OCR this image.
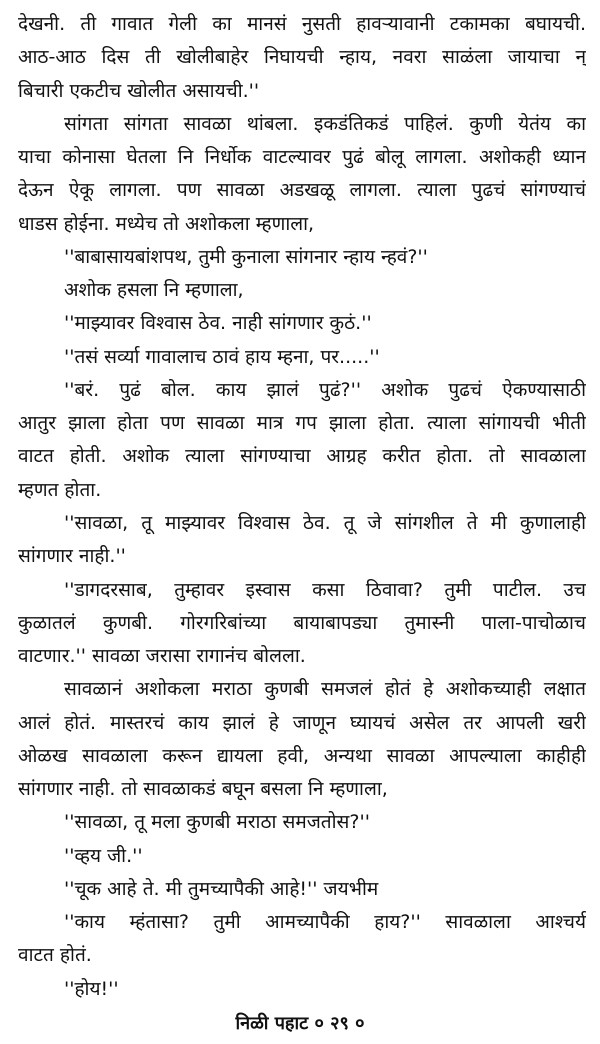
देखनी. ती गावात गेली का मानसं नुसती हावऱ्यावानी टकामका बघायची.
आठ-आठ दिस ती खोलीबाहेर निघायची न्हाय, नवरा साळंला जायाचा न्
बिचारी एकटीच खोलीत असायची.''
सांगता सांगता सावळा थांबला. इकडंतिकडं पाहिलं. कुणी येतंय का
याचा कोनासा घेतला नि निर्धोक वाटल्यावर पुढं बोलू लागला. अशोकही ध्यान
देऊन ऐकू लागला. पण सावळा अडखळू लागला. त्याला पुढचं सांगण्याचं
धाडस होईना. मध्येच तो अशोकला म्हणाला,
''बाबासायबांशपथ, तुमी कुनाला सांगनार न्हाय न्हवं?''
अशोक हसला नि म्हणाला,
''माझ्यावर विश्वास ठेव. नाही सांगणार कुठं.''
''तसं सर्व्या गावालाच ठावं हाय म्हना, पर.....''
''बरं. पुढं बोल. काय झालं पुढं?'' अशोक पुढचं ऐकण्यासाठी
आतुर झाला होता पण सावळा मात्र गप झाला होता. त्याला सांगायची भीती
वाटत होती. अशोक त्याला सांगण्याचा आग्रह करीत होता. तो सावळाला
म्हणत होता.
''सावळा, तू माझ्यावर विश्वास ठेव. तू जे सांगशील ते मी कुणालाही
सांगणार नाही.''
''डागदरसाब, तुम्हावर इस्वास कसा ठिवावा? तुमी पाटील. उच
कुळातलं कुणबी. गोरगरिबांच्या बायाबापड्या तुमास्नी पाला-पाचोळाच
वाटणार.'' सावळा जरासा रागानंच बोलला.
सावळानं अशोकला मराठा कुणबी समजलं होतं हे अशोकच्याही लक्षात
आलं होतं. मास्तरचं काय झालं हे जाणून घ्यायचं असेल तर आपली खरी
ओळख सावळाला करून द्यायला हवी, अन्यथा सावळा आपल्याला काहीही
सांगणार नाही. तो सावळाकडं बघून बसला नि म्हणाला,
''सावळा, तू मला कुणबी मराठा समजतोस?''
''व्हय जी.''
''चूक आहे ते. मी तुमच्यापैकी आहे!'' जयभीम
''काय म्हंतासा? तुमी आमच्यापैकी हाय?'' सावळाला आश्चर्य
वाटत होतं.
''होय!''
निळी पहाट ० २९ ०
